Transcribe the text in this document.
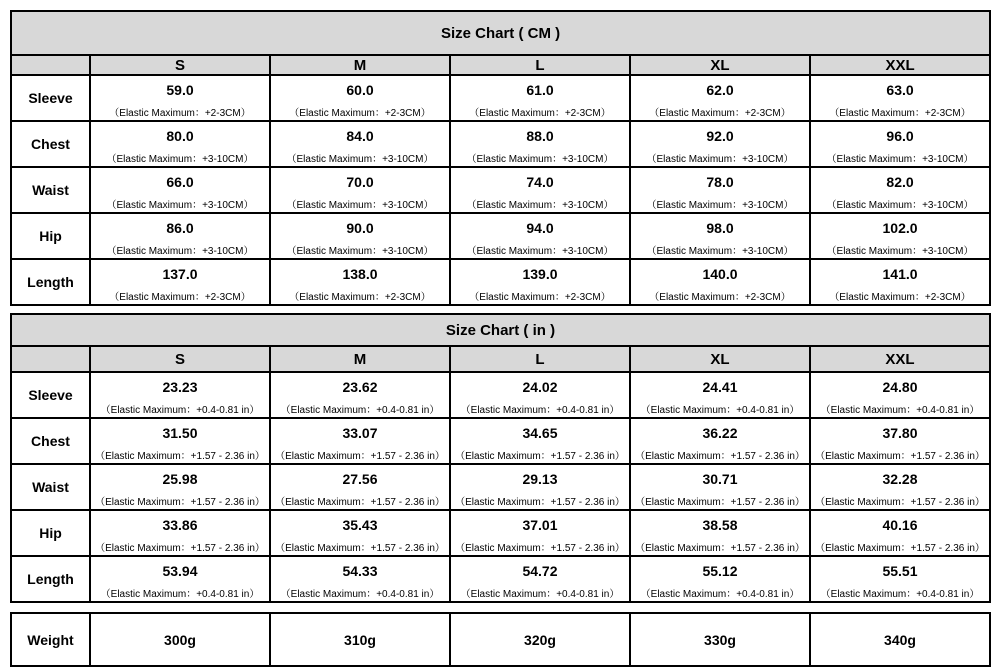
Size Chart ( CM )					
	S	M	L	XL	XXL
Sleeve	59.0	60.0	61.0	62.0	63.0
	（Elastic Maximum：+2-3CM）	（Elastic Maximum：+2-3CM）	（Elastic Maximum：+2-3CM）	（Elastic Maximum：+2-3CM）	（Elastic Maximum：+2-3CM）
Chest	80.0	84.0	88.0	92.0	96.0
	（Elastic Maximum：+3-10CM）	（Elastic Maximum：+3-10CM）	（Elastic Maximum：+3-10CM）	（Elastic Maximum：+3-10CM）	（Elastic Maximum：+3-10CM）
Waist	66.0	70.0	74.0	78.0	82.0
	（Elastic Maximum：+3-10CM）	（Elastic Maximum：+3-10CM）	（Elastic Maximum：+3-10CM）	（Elastic Maximum：+3-10CM）	（Elastic Maximum：+3-10CM）
Hip	86.0	90.0	94.0	98.0	102.0
	（Elastic Maximum：+3-10CM）	（Elastic Maximum：+3-10CM）	（Elastic Maximum：+3-10CM）	（Elastic Maximum：+3-10CM）	（Elastic Maximum：+3-10CM）
Length	137.0	138.0	139.0	140.0	141.0
	（Elastic Maximum：+2-3CM）	（Elastic Maximum：+2-3CM）	（Elastic Maximum：+2-3CM）	（Elastic Maximum：+2-3CM）	（Elastic Maximum：+2-3CM）
Size Chart ( in )					
	S	M	L	XL	XXL
Sleeve	23.23	23.62	24.02	24.41	24.80
	（Elastic Maximum：+0.4-0.81 in）	（Elastic Maximum：+0.4-0.81 in）	（Elastic Maximum：+0.4-0.81 in）	（Elastic Maximum：+0.4-0.81 in）	（Elastic Maximum：+0.4-0.81 in）
Chest	31.50	33.07	34.65	36.22	37.80
	（Elastic Maximum：+1.57 - 2.36 in）	（Elastic Maximum：+1.57 - 2.36 in）	（Elastic Maximum：+1.57 - 2.36 in）	（Elastic Maximum：+1.57 - 2.36 in）	（Elastic Maximum：+1.57 - 2.36 in）
Waist	25.98	27.56	29.13	30.71	32.28
	（Elastic Maximum：+1.57 - 2.36 in）	（Elastic Maximum：+1.57 - 2.36 in）	（Elastic Maximum：+1.57 - 2.36 in）	（Elastic Maximum：+1.57 - 2.36 in）	（Elastic Maximum：+1.57 - 2.36 in）
Hip	33.86	35.43	37.01	38.58	40.16
	（Elastic Maximum：+1.57 - 2.36 in）	（Elastic Maximum：+1.57 - 2.36 in）	（Elastic Maximum：+1.57 - 2.36 in）	（Elastic Maximum：+1.57 - 2.36 in）	（Elastic Maximum：+1.57 - 2.36 in）
Length	53.94	54.33	54.72	55.12	55.51
	（Elastic Maximum：+0.4-0.81 in）	（Elastic Maximum：+0.4-0.81 in）	（Elastic Maximum：+0.4-0.81 in）	（Elastic Maximum：+0.4-0.81 in）	（Elastic Maximum：+0.4-0.81 in）
Weight	300g	310g	320g	330g	340g
